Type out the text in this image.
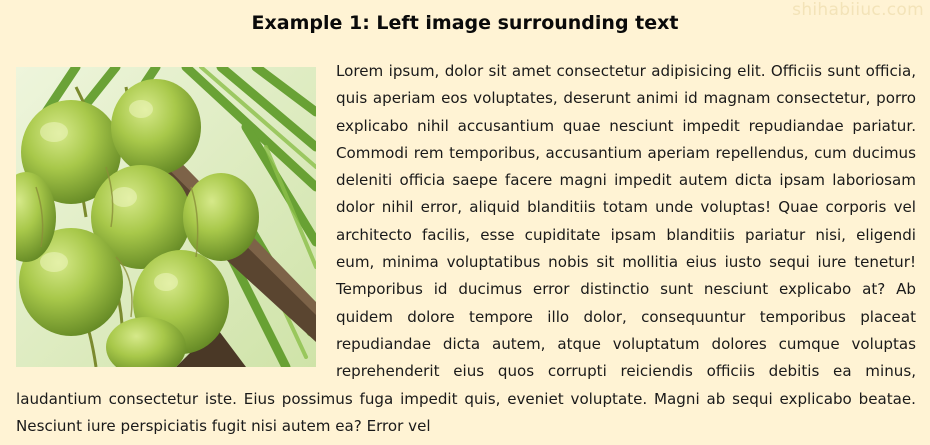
shihabiiuc.com
Example 1: Left image surrounding text
Lorem ipsum, dolor sit amet consectetur adipisicing elit. Officiis sunt officia, quis aperiam eos voluptates, deserunt animi id magnam consectetur, porro explicabo nihil accusantium quae nesciunt impedit repudiandae pariatur. Commodi rem temporibus, accusantium aperiam repellendus, cum ducimus deleniti officia saepe facere magni impedit autem dicta ipsam laboriosam dolor nihil error, aliquid blanditiis totam unde voluptas! Quae corporis vel architecto facilis, esse cupiditate ipsam blanditiis pariatur nisi, eligendi eum, minima voluptatibus nobis sit mollitia eius iusto sequi iure tenetur! Temporibus id ducimus error distinctio sunt nesciunt explicabo at? Ab quidem dolore tempore illo dolor, consequuntur temporibus placeat repudiandae dicta autem, atque voluptatum dolores cumque voluptas reprehenderit eius quos corrupti reiciendis officiis debitis ea minus, laudantium consectetur iste. Eius possimus fuga impedit quis, eveniet voluptate. Magni ab sequi explicabo beatae. Nesciunt iure perspiciatis fugit nisi autem ea? Error vel
